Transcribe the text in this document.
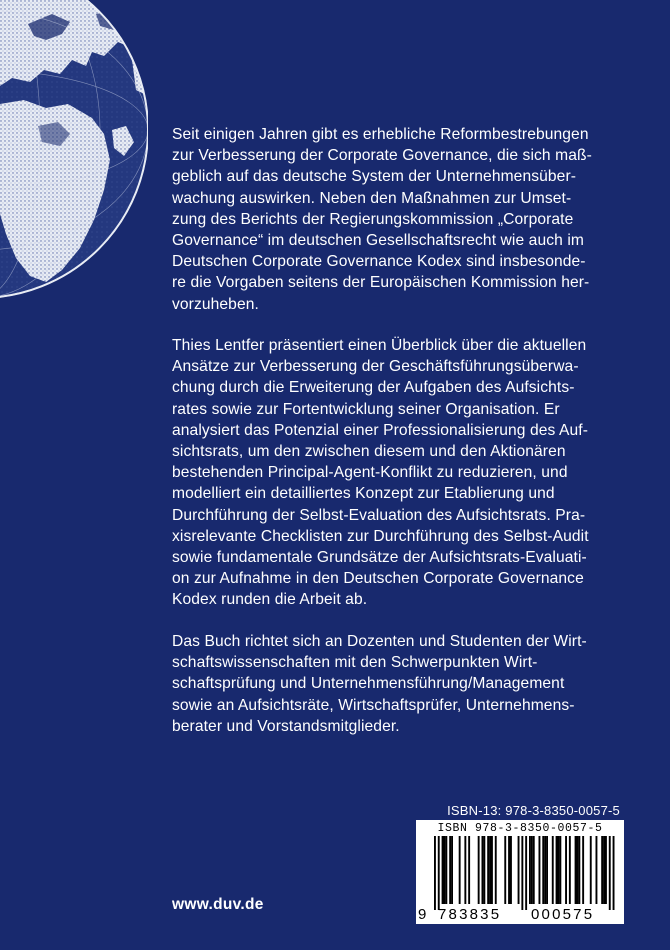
Seit einigen Jahren gibt es erhebliche Reformbestrebungen
zur Verbesserung der Corporate Governance, die sich maß-
geblich auf das deutsche System der Unternehmensüber-
wachung auswirken. Neben den Maßnahmen zur Umset-
zung des Berichts der Regierungskommission „Corporate
Governance“ im deutschen Gesellschaftsrecht wie auch im
Deutschen Corporate Governance Kodex sind insbesonde-
re die Vorgaben seitens der Europäischen Kommission her-
vorzuheben.
Thies Lentfer präsentiert einen Überblick über die aktuellen
Ansätze zur Verbesserung der Geschäftsführungsüberwa-
chung durch die Erweiterung der Aufgaben des Aufsichts-
rates sowie zur Fortentwicklung seiner Organisation. Er
analysiert das Potenzial einer Professionalisierung des Auf-
sichtsrats, um den zwischen diesem und den Aktionären
bestehenden Principal-Agent-Konflikt zu reduzieren, und
modelliert ein detailliertes Konzept zur Etablierung und
Durchführung der Selbst-Evaluation des Aufsichtsrats. Pra-
xisrelevante Checklisten zur Durchführung des Selbst-Audit
sowie fundamentale Grundsätze der Aufsichtsrats-Evaluati-
on zur Aufnahme in den Deutschen Corporate Governance
Kodex runden die Arbeit ab.
Das Buch richtet sich an Dozenten und Studenten der Wirt-
schaftswissenschaften mit den Schwerpunkten Wirt-
schaftsprüfung und Unternehmensführung/Management
sowie an Aufsichtsräte, Wirtschaftsprüfer, Unternehmens-
berater und Vorstandsmitglieder.
ISBN-13: 978-3-8350-0057-5
ISBN 978-3-8350-0057-5
9 783835 000575
www.duv.de
